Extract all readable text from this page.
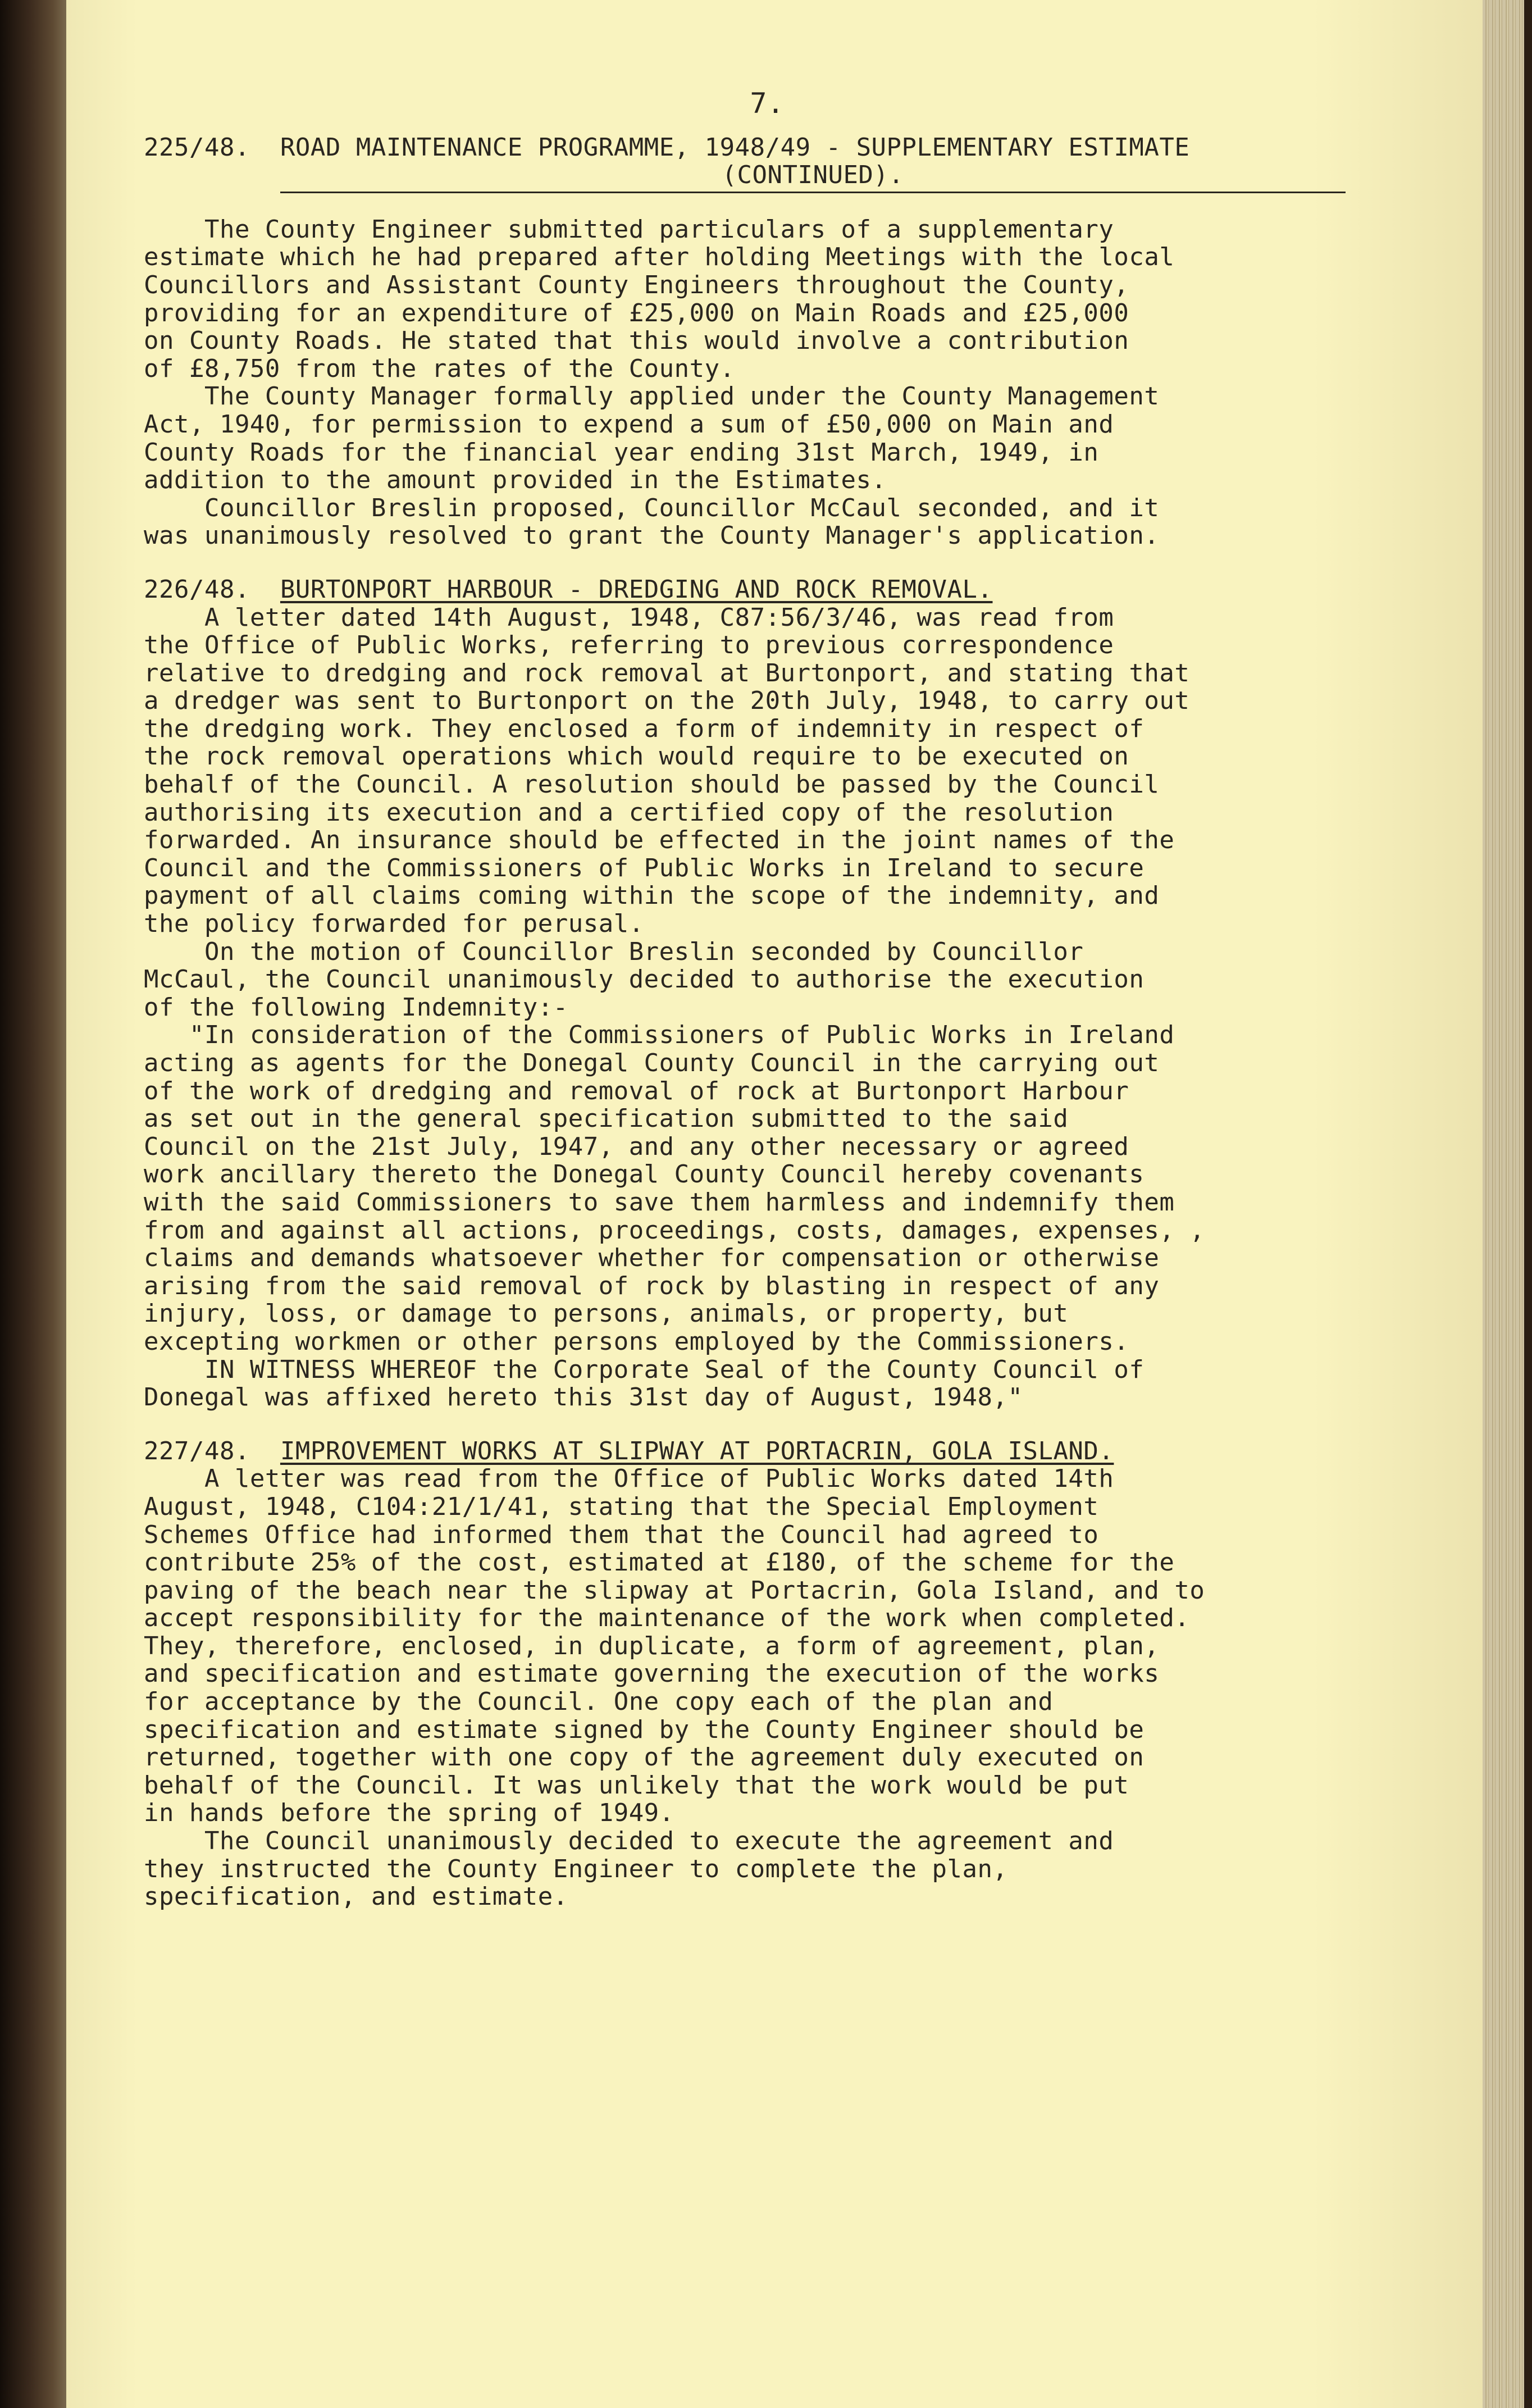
7.
225/48. ROAD MAINTENANCE PROGRAMME, 1948/49 - SUPPLEMENTARY ESTIMATE
(CONTINUED).

The County Engineer submitted particulars of a supplementary
estimate which he had prepared after holding Meetings with the local
Councillors and Assistant County Engineers throughout the County,
providing for an expenditure of £25,000 on Main Roads and £25,000
on County Roads. He stated that this would involve a contribution
of £8,750 from the rates of the County.

The County Manager formally applied under the County Management
Act, 1940, for permission to expend a sum of £50,000 on Main and
County Roads for the financial year ending 31st March, 1949, in
addition to the amount provided in the Estimates.

Councillor Breslin proposed, Councillor McCaul seconded, and it
was unanimously resolved to grant the County Manager's application.

226/48. BURTONPORT HARBOUR - DREDGING AND ROCK REMOVAL.

A letter dated 14th August, 1948, C87:56/3/46, was read from
the Office of Public Works, referring to previous correspondence
relative to dredging and rock removal at Burtonport, and stating that
a dredger was sent to Burtonport on the 20th July, 1948, to carry out
the dredging work. They enclosed a form of indemnity in respect of
the rock removal operations which would require to be executed on
behalf of the Council. A resolution should be passed by the Council
authorising its execution and a certified copy of the resolution
forwarded. An insurance should be effected in the joint names of the
Council and the Commissioners of Public Works in Ireland to secure
payment of all claims coming within the scope of the indemnity, and
the policy forwarded for perusal.

On the motion of Councillor Breslin seconded by Councillor
McCaul, the Council unanimously decided to authorise the execution
of the following Indemnity:-

"In consideration of the Commissioners of Public Works in Ireland
acting as agents for the Donegal County Council in the carrying out
of the work of dredging and removal of rock at Burtonport Harbour
as set out in the general specification submitted to the said
Council on the 21st July, 1947, and any other necessary or agreed
work ancillary thereto the Donegal County Council hereby covenants
with the said Commissioners to save them harmless and indemnify them
from and against all actions, proceedings, costs, damages, expenses, ,
claims and demands whatsoever whether for compensation or otherwise
arising from the said removal of rock by blasting in respect of any
injury, loss, or damage to persons, animals, or property, but
excepting workmen or other persons employed by the Commissioners.

IN WITNESS WHEREOF the Corporate Seal of the County Council of
Donegal was affixed hereto this 31st day of August, 1948,"

227/48. IMPROVEMENT WORKS AT SLIPWAY AT PORTACRIN, GOLA ISLAND.

A letter was read from the Office of Public Works dated 14th
August, 1948, C104:21/1/41, stating that the Special Employment
Schemes Office had informed them that the Council had agreed to
contribute 25% of the cost, estimated at £180, of the scheme for the
paving of the beach near the slipway at Portacrin, Gola Island, and to
accept responsibility for the maintenance of the work when completed.
They, therefore, enclosed, in duplicate, a form of agreement, plan,
and specification and estimate governing the execution of the works
for acceptance by the Council. One copy each of the plan and
specification and estimate signed by the County Engineer should be
returned, together with one copy of the agreement duly executed on
behalf of the Council. It was unlikely that the work would be put
in hands before the spring of 1949.

The Council unanimously decided to execute the agreement and
they instructed the County Engineer to complete the plan,
specification, and estimate.
